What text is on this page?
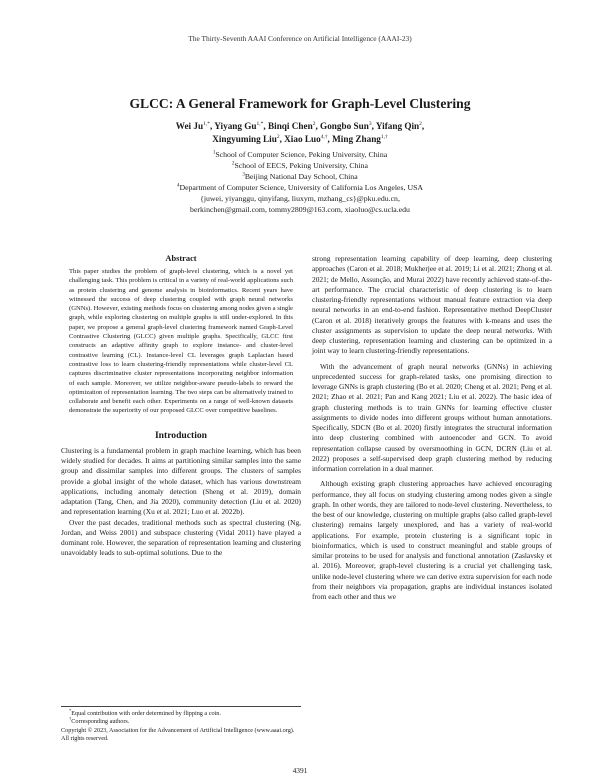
The Thirty-Seventh AAAI Conference on Artificial Intelligence (AAAI-23)
GLCC: A General Framework for Graph-Level Clustering
Wei $Ju^{1,*}$, Yiyang $Gu^{1,*}$, Binqi Chen$^2$, Gongbo Sun$^3$, Yifang Qin$^2$,
Xingyuming Liu$^2$, Xiao Luo$^{4,\dagger}$, Ming Zhang$^{1,\dagger}$
$^1$School of Computer Science, Peking University, China
$^2$School of EECS, Peking University, China
$^3$Beijing National Day School, China
$^4$Department of Computer Science, University of California Los Angeles, USA
{juwei, yiyanggu, qinyifang, liuxym, mzhang_cs}@pku.edu.cn,
berkinchen@gmail.com, tommy2809@163.com, xiaoluo@cs.ucla.edu
Abstract

This paper studies the problem of graph-level clustering, which is a novel yet challenging task. This problem is critical in a variety of real-world applications such as protein clustering and genome analysis in bioinformatics. Recent years have witnessed the success of deep clustering coupled with graph neural networks (GNNs). However, existing methods focus on clustering among nodes given a single graph, while exploring clustering on multiple graphs is still under-explored. In this paper, we propose a general graph-level clustering framework named Graph-Level Contrastive Clustering (GLCC) given multiple graphs. Specifically, GLCC first constructs an adaptive affinity graph to explore instance- and cluster-level contrastive learning (CL). Instance-level CL leverages graph Laplacian based contrastive loss to learn clustering-friendly representations while cluster-level CL captures discriminative cluster representations incorporating neighbor information of each sample. Moreover, we utilize neighbor-aware pseudo-labels to reward the optimization of representation learning. The two steps can be alternatively trained to collaborate and benefit each other. Experiments on a range of well-known datasets demonstrate the superiority of our proposed GLCC over competitive baselines.

Introduction

Clustering is a fundamental problem in graph machine learning, which has been widely studied for decades. It aims at partitioning similar samples into the same group and dissimilar samples into different groups. The clusters of samples provide a global insight of the whole dataset, which has various downstream applications, including anomaly detection (Sheng et al. 2019), domain adaptation (Tang, Chen, and Jia 2020), community detection (Liu et al. 2020) and representation learning (Xu et al. 2021; Luo et al. 2022b).

Over the past decades, traditional methods such as spectral clustering (Ng, Jordan, and Weiss 2001) and subspace clustering (Vidal 2011) have played a dominant role. However, the separation of representation learning and clustering unavoidably leads to sub-optimal solutions. Due to the

*Equal contribution with order determined by flipping a coin.

†Corresponding authors.

Copyright © 2023, Association for the Advancement of Artificial Intelligence (www.aaai.org). All rights reserved.

strong representation learning capability of deep learning, deep clustering approaches (Caron et al. 2018; Mukherjee et al. 2019; Li et al. 2021; Zhong et al. 2021; de Mello, Assunção, and Murai 2022) have recently achieved state-of-the-art performance. The crucial characteristic of deep clustering is to learn clustering-friendly representations without manual feature extraction via deep neural networks in an end-to-end fashion. Representative method DeepCluster (Caron et al. 2018) iteratively groups the features with k-means and uses the cluster assignments as supervision to update the deep neural networks. With deep clustering, representation learning and clustering can be optimized in a joint way to learn clustering-friendly representations.

With the advancement of graph neural networks (GNNs) in achieving unprecedented success for graph-related tasks, one promising direction to leverage GNNs is graph clustering (Bo et al. 2020; Cheng et al. 2021; Peng et al. 2021; Zhao et al. 2021; Pan and Kang 2021; Liu et al. 2022). The basic idea of graph clustering methods is to train GNNs for learning effective cluster assignments to divide nodes into different groups without human annotations. Specifically, SDCN (Bo et al. 2020) firstly integrates the structural information into deep clustering combined with autoencoder and GCN. To avoid representation collapse caused by oversmoothing in GCN, DCRN (Liu et al. 2022) proposes a self-supervised deep graph clustering method by reducing information correlation in a dual manner.

Although existing graph clustering approaches have achieved encouraging performance, they all focus on studying clustering among nodes given a single graph. In other words, they are tailored to node-level clustering. Nevertheless, to the best of our knowledge, clustering on multiple graphs (also called graph-level clustering) remains largely unexplored, and has a variety of real-world applications. For example, protein clustering is a significant topic in bioinformatics, which is used to construct meaningful and stable groups of similar proteins to be used for analysis and functional annotation (Zaslavsky et al. 2016). Moreover, graph-level clustering is a crucial yet challenging task, unlike node-level clustering where we can derive extra supervision for each node from their neighbors via propagation, graphs are individual instances isolated from each other and thus we

4391
